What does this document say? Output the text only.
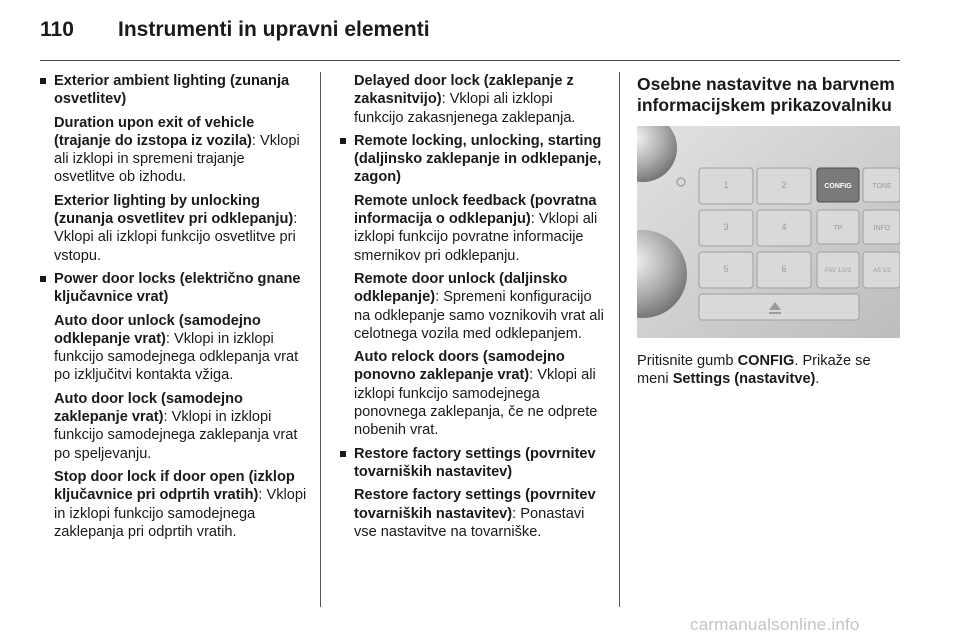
110 Instrumenti in upravni elementi
Exterior ambient lighting (zunanja osvetlitev)
Duration upon exit of vehicle (trajanje do izstopa iz vozila): Vklopi ali izklopi in spremeni trajanje osvetlitve ob izhodu.
Exterior lighting by unlocking (zunanja osvetlitev pri odklepanju): Vklopi ali izklopi funkcijo osvetlitve pri vstopu.
Power door locks (električno gnane ključavnice vrat)
Auto door unlock (samodejno odklepanje vrat): Vklopi in izklopi funkcijo samodejnega odklepanja vrat po izključitvi kontakta vžiga.
Auto door lock (samodejno zaklepanje vrat): Vklopi in izklopi funkcijo samodejnega zaklepanja vrat po speljevanju.
Stop door lock if door open (izklop ključavnice pri odprtih vratih): Vklopi in izklopi funkcijo samodejnega zaklepanja pri odprtih vratih.
Delayed door lock (zaklepanje z zakasnitvijo): Vklopi ali izklopi funkcijo zakasnjenega zaklepanja.
Remote locking, unlocking, starting (daljinsko zaklepanje in odklepanje, zagon)
Remote unlock feedback (povratna informacija o odklepanju): Vklopi ali izklopi funkcijo povratne informacije smernikov pri odklepanju.
Remote door unlock (daljinsko odklepanje): Spremeni konfiguracijo na odklepanje samo voznikovih vrat ali celotnega vozila med odklepanjem.
Auto relock doors (samodejno ponovno zaklepanje vrat): Vklopi ali izklopi funkcijo samodejnega ponovnega zaklepanja, če ne odprete nobenih vrat.
Restore factory settings (povrnitev tovarniških nastavitev)
Restore factory settings (povrnitev tovarniških nastavitev): Ponastavi vse nastavitve na tovarniške.
Osebne nastavitve na barvnem informacijskem prikazovalniku
1	2
3	4
5	6
CONFIG	TONE
TP	INFO
FAV 1/2/3	AS 1/2

Pritisnite gumb CONFIG. Prikaže se meni Settings (nastavitve).

carmanualsonline.info
